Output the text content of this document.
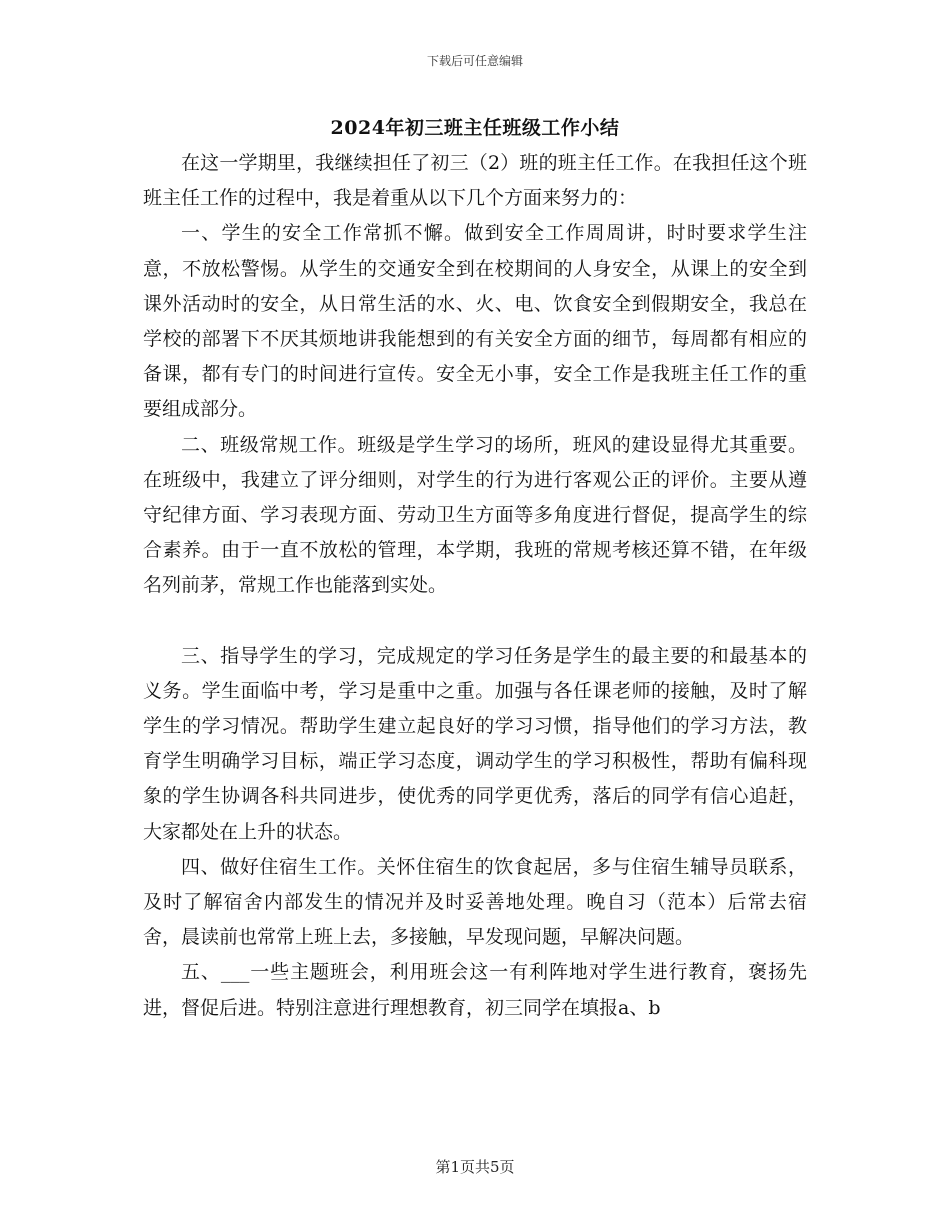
下载后可任意编辑
2024年初三班主任班级工作小结

在这一学期里，我继续担任了初三（2）班的班主任工作。在我担任这个班班主任工作的过程中，我是着重从以下几个方面来努力的：

一、学生的安全工作常抓不懈。做到安全工作周周讲，时时要求学生注意，不放松警惕。从学生的交通安全到在校期间的人身安全，从课上的安全到课外活动时的安全，从日常生活的水、火、电、饮食安全到假期安全，我总在学校的部署下不厌其烦地讲我能想到的有关安全方面的细节，每周都有相应的备课，都有专门的时间进行宣传。安全无小事，安全工作是我班主任工作的重要组成部分。

二、班级常规工作。班级是学生学习的场所，班风的建设显得尤其重要。在班级中，我建立了评分细则，对学生的行为进行客观公正的评价。主要从遵守纪律方面、学习表现方面、劳动卫生方面等多角度进行督促，提高学生的综合素养。由于一直不放松的管理，本学期，我班的常规考核还算不错，在年级名列前茅，常规工作也能落到实处。

三、指导学生的学习，完成规定的学习任务是学生的最主要的和最基本的义务。学生面临中考，学习是重中之重。加强与各任课老师的接触，及时了解学生的学习情况。帮助学生建立起良好的学习习惯，指导他们的学习方法，教育学生明确学习目标，端正学习态度，调动学生的学习积极性，帮助有偏科现象的学生协调各科共同进步，使优秀的同学更优秀，落后的同学有信心追赶，大家都处在上升的状态。

四、做好住宿生工作。关怀住宿生的饮食起居，多与住宿生辅导员联系，及时了解宿舍内部发生的情况并及时妥善地处理。晚自习（范本）后常去宿舍，晨读前也常常上班上去，多接触，早发现问题，早解决问题。

五、___一些主题班会，利用班会这一有利阵地对学生进行教育，褒扬先进，督促后进。特别注意进行理想教育，初三同学在填报a、b

第1页共5页
